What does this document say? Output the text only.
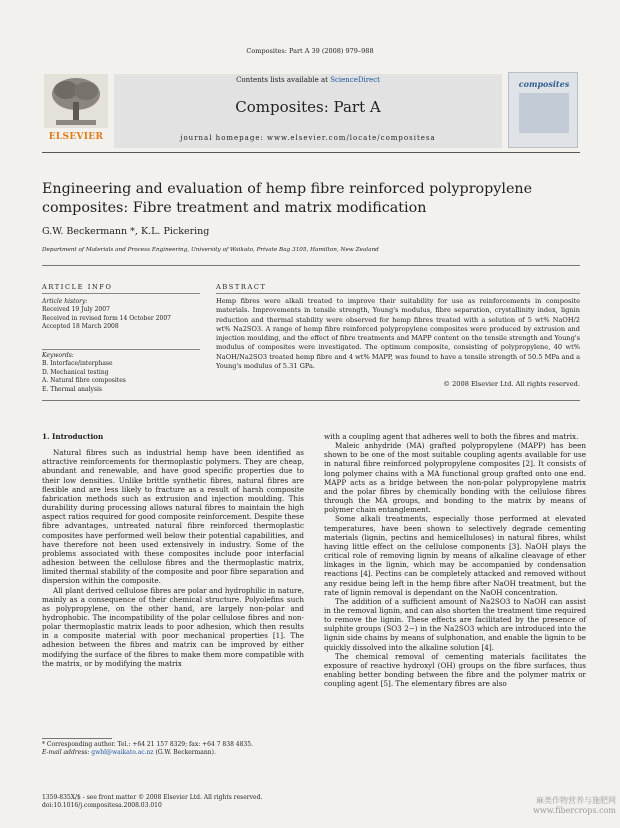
Composites: Part A 39 (2008) 979–988
ELSEVIER
Contents lists available at ScienceDirect
Composites: Part A
journal homepage: www.elsevier.com/locate/compositesa
composites
Engineering and evaluation of hemp fibre reinforced polypropylene composites: Fibre treatment and matrix modification
G.W. Beckermann *, K.L. Pickering
Department of Materials and Process Engineering, University of Waikato, Private Bag 3105, Hamilton, New Zealand
ARTICLE INFO	ABSTRACT
Article history:
Received 19 July 2007
Received in revised form 14 October 2007
Accepted 18 March 2008
Keywords:
B. Interface/interphase
D. Mechanical testing
A. Natural fibre composites
E. Thermal analysis
Hemp fibres were alkali treated to improve their suitability for use as reinforcements in composite materials. Improvements in tensile strength, Young's modulus, fibre separation, crystallinity index, lignin reduction and thermal stability were observed for hemp fibres treated with a solution of 5 wt% NaOH/2 wt% Na2SO3. A range of hemp fibre reinforced polypropylene composites were produced by extrusion and injection moulding, and the effect of fibre treatments and MAPP content on the tensile strength and Young's modulus of composites were investigated. The optimum composite, consisting of polypropylene, 40 wt% NaOH/Na2SO3 treated hemp fibre and 4 wt% MAPP, was found to have a tensile strength of 50.5 MPa and a Young's modulus of 5.31 GPa.
© 2008 Elsevier Ltd. All rights reserved.

1. Introduction

Natural fibres such as industrial hemp have been identified as attractive reinforcements for thermoplastic polymers. They are cheap, abundant and renewable, and have good specific properties due to their low densities. Unlike brittle synthetic fibres, natural fibres are flexible and are less likely to fracture as a result of harsh composite fabrication methods such as extrusion and injection moulding. This durability during processing allows natural fibres to maintain the high aspect ratios required for good composite reinforcement. Despite these fibre advantages, untreated natural fibre reinforced thermoplastic composites have performed well below their potential capabilities, and have therefore not been used extensively in industry. Some of the problems associated with these composites include poor interfacial adhesion between the cellulose fibres and the thermoplastic matrix, limited thermal stability of the composite and poor fibre separation and dispersion within the composite.

All plant derived cellulose fibres are polar and hydrophilic in nature, mainly as a consequence of their chemical structure. Polyolefins such as polypropylene, on the other hand, are largely non-polar and hydrophobic. The incompatibility of the polar cellulose fibres and non-polar thermoplastic matrix leads to poor adhesion, which then results in a composite material with poor mechanical properties [1]. The adhesion between the fibres and matrix can be improved by either modifying the surface of the fibres to make them more compatible with the matrix, or by modifying the matrix

with a coupling agent that adheres well to both the fibres and matrix.

Maleic anhydride (MA) grafted polypropylene (MAPP) has been shown to be one of the most suitable coupling agents available for use in natural fibre reinforced polypropylene composites [2]. It consists of long polymer chains with a MA functional group grafted onto one end. MAPP acts as a bridge between the non-polar polypropylene matrix and the polar fibres by chemically bonding with the cellulose fibres through the MA groups, and bonding to the matrix by means of polymer chain entanglement.

Some alkali treatments, especially those performed at elevated temperatures, have been shown to selectively degrade cementing materials (lignin, pectins and hemicelluloses) in natural fibres, whilst having little effect on the cellulose components [3]. NaOH plays the critical role of removing lignin by means of alkaline cleavage of ether linkages in the lignin, which may be accompanied by condensation reactions [4]. Pectins can be completely attacked and removed without any residue being left in the hemp fibre after NaOH treatment, but the rate of lignin removal is dependant on the NaOH concentration.

The addition of a sufficient amount of Na2SO3 to NaOH can assist in the removal lignin, and can also shorten the treatment time required to remove the lignin. These effects are facilitated by the presence of sulphite groups (SO3 2−) in the Na2SO3 which are introduced into the lignin side chains by means of sulphonation, and enable the lignin to be quickly dissolved into the alkaline solution [4].

The chemical removal of cementing materials facilitates the exposure of reactive hydroxyl (OH) groups on the fibre surfaces, thus enabling better bonding between the fibre and the polymer matrix or coupling agent [5]. The elementary fibres are also

* Corresponding author. Tel.: +64 21 157 8329; fax: +64 7 838 4835.
E-mail address: gwbl@waikato.ac.nz (G.W. Beckermann).
1359-835X/$ - see front matter © 2008 Elsevier Ltd. All rights reserved.
doi:10.1016/j.compositesa.2008.03.010
麻类作物营养与施肥网
www.fibercrops.com
